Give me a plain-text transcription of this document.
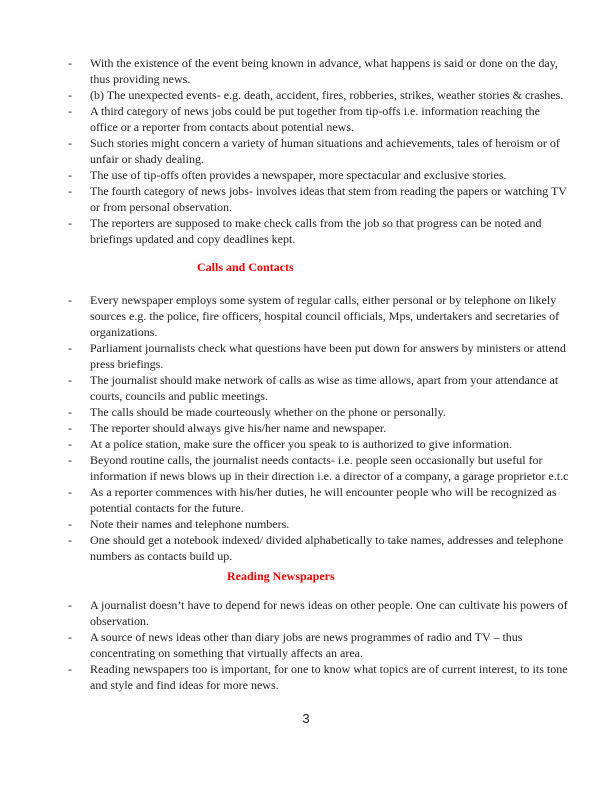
-	With the existence of the event being known in advance, what happens is said or done on the day, thus providing news.
-	(b) The unexpected events- e.g. death, accident, fires, robberies, strikes, weather stories & crashes.
-	A third category of news jobs could be put together from tip-offs i.e. information reaching the office or a reporter from contacts about potential news.
-	Such stories might concern a variety of human situations and achievements, tales of heroism or of unfair or shady dealing.
-	The use of tip-offs often provides a newspaper, more spectacular and exclusive stories.
-	The fourth category of news jobs- involves ideas that stem from reading the papers or watching TV or from personal observation.
-	The reporters are supposed to make check calls from the job so that progress can be noted and briefings updated and copy deadlines kept.
Calls and Contacts
-	Every newspaper employs some system of regular calls, either personal or by telephone on likely sources e.g. the police, fire officers, hospital council officials, Mps, undertakers and secretaries of organizations.
-	Parliament journalists check what questions have been put down for answers by ministers or attend press briefings.
-	The journalist should make network of calls as wise as time allows, apart from your attendance at courts, councils and public meetings.
-	The calls should be made courteously whether on the phone or personally.
-	The reporter should always give his/her name and newspaper.
-	At a police station, make sure the officer you speak to is authorized to give information.
-	Beyond routine calls, the journalist needs contacts- i.e. people seen occasionally but useful for information if news blows up in their direction i.e. a director of a company, a garage proprietor e.t.c
-	As a reporter commences with his/her duties, he will encounter people who will be recognized as potential contacts for the future.
-	Note their names and telephone numbers.
-	One should get a notebook indexed/ divided alphabetically to take names, addresses and telephone numbers as contacts build up.
Reading Newspapers
-	A journalist doesn’t have to depend for news ideas on other people. One can cultivate his powers of observation.
-	A source of news ideas other than diary jobs are news programmes of radio and TV – thus concentrating on something that virtually affects an area.
-	Reading newspapers too is important, for one to know what topics are of current interest, to its tone and style and find ideas for more news.
3
